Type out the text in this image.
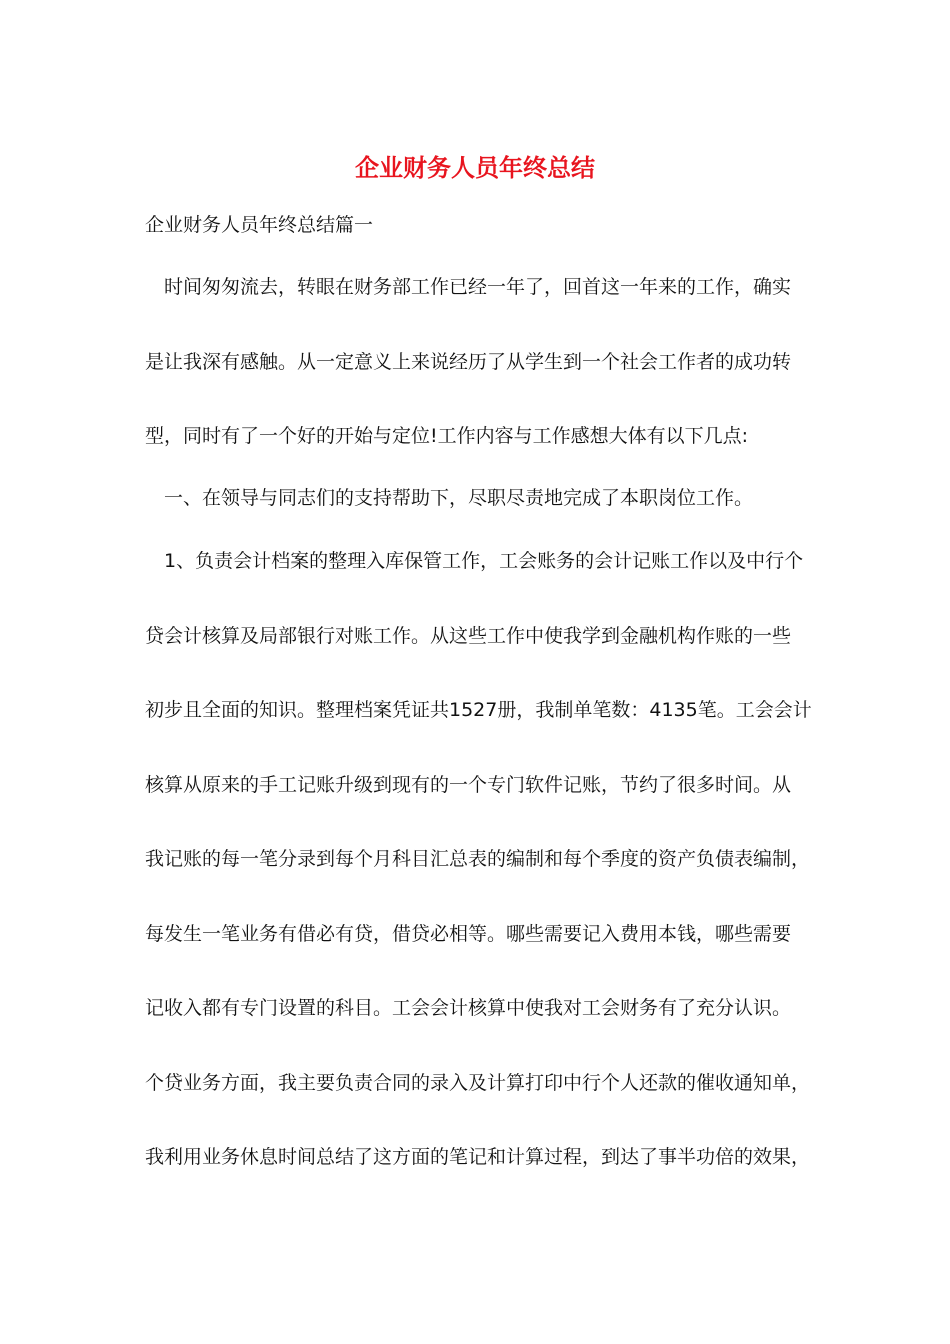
企业财务人员年终总结

企业财务人员年终总结篇一

　时间匆匆流去，转眼在财务部工作已经一年了，回首这一年来的工作，确实

是让我深有感触。从一定意义上来说经历了从学生到一个社会工作者的成功转

型，同时有了一个好的开始与定位!工作内容与工作感想大体有以下几点:

　一、在领导与同志们的支持帮助下，尽职尽责地完成了本职岗位工作。

　1、负责会计档案的整理入库保管工作，工会账务的会计记账工作以及中行个

贷会计核算及局部银行对账工作。从这些工作中使我学到金融机构作账的一些

初步且全面的知识。整理档案凭证共1527册，我制单笔数：4135笔。工会会计

核算从原来的手工记账升级到现有的一个专门软件记账，节约了很多时间。从

我记账的每一笔分录到每个月科目汇总表的编制和每个季度的资产负债表编制，

每发生一笔业务有借必有贷，借贷必相等。哪些需要记入费用本钱，哪些需要

记收入都有专门设置的科目。工会会计核算中使我对工会财务有了充分认识。

个贷业务方面，我主要负责合同的录入及计算打印中行个人还款的催收通知单，

我利用业务休息时间总结了这方面的笔记和计算过程，到达了事半功倍的效果，
